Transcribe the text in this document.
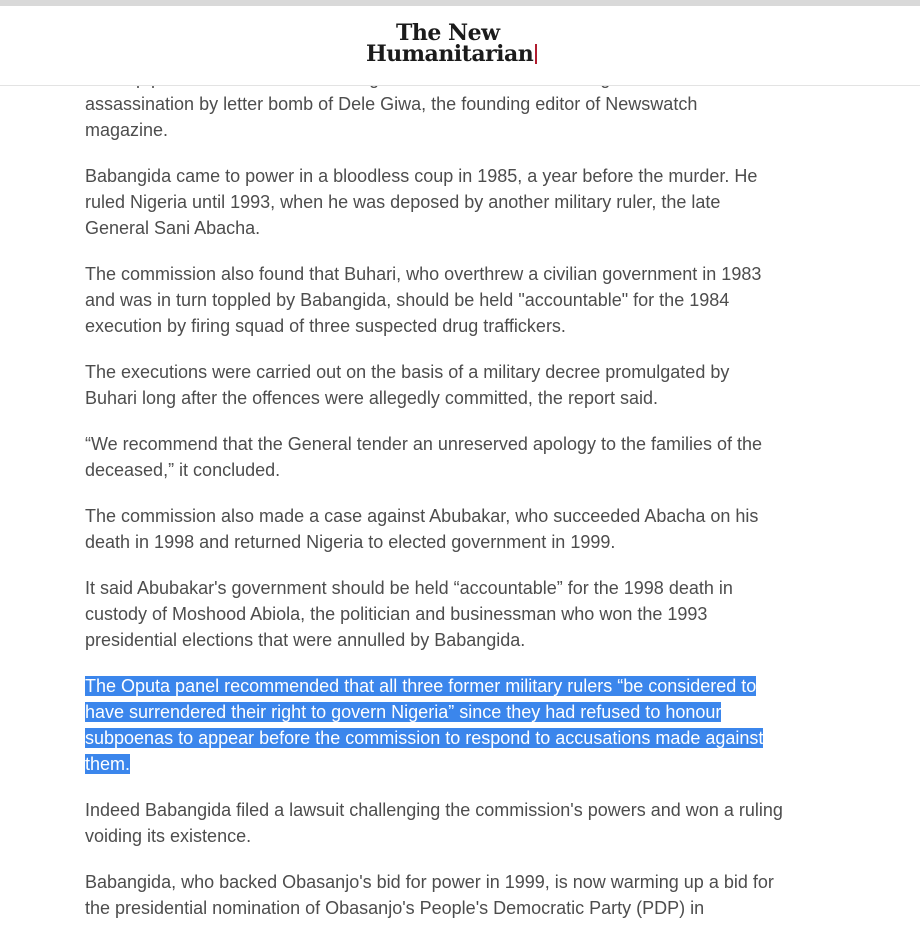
The New
Humanitarian

assassination by letter bomb of Dele Giwa, the founding editor of Newswatch magazine.

Babangida came to power in a bloodless coup in 1985, a year before the murder. He ruled Nigeria until 1993, when he was deposed by another military ruler, the late General Sani Abacha.

The commission also found that Buhari, who overthrew a civilian government in 1983 and was in turn toppled by Babangida, should be held "accountable" for the 1984 execution by firing squad of three suspected drug traffickers.

The executions were carried out on the basis of a military decree promulgated by Buhari long after the offences were allegedly committed, the report said.

“We recommend that the General tender an unreserved apology to the families of the deceased,” it concluded.

The commission also made a case against Abubakar, who succeeded Abacha on his death in 1998 and returned Nigeria to elected government in 1999.

It said Abubakar's government should be held “accountable” for the 1998 death in custody of Moshood Abiola, the politician and businessman who won the 1993 presidential elections that were annulled by Babangida.

The Oputa panel recommended that all three former military rulers “be considered to have surrendered their right to govern Nigeria” since they had refused to honour subpoenas to appear before the commission to respond to accusations made against them.

Indeed Babangida filed a lawsuit challenging the commission's powers and won a ruling voiding its existence.

Babangida, who backed Obasanjo's bid for power in 1999, is now warming up a bid for the presidential nomination of Obasanjo's People's Democratic Party (PDP) in
